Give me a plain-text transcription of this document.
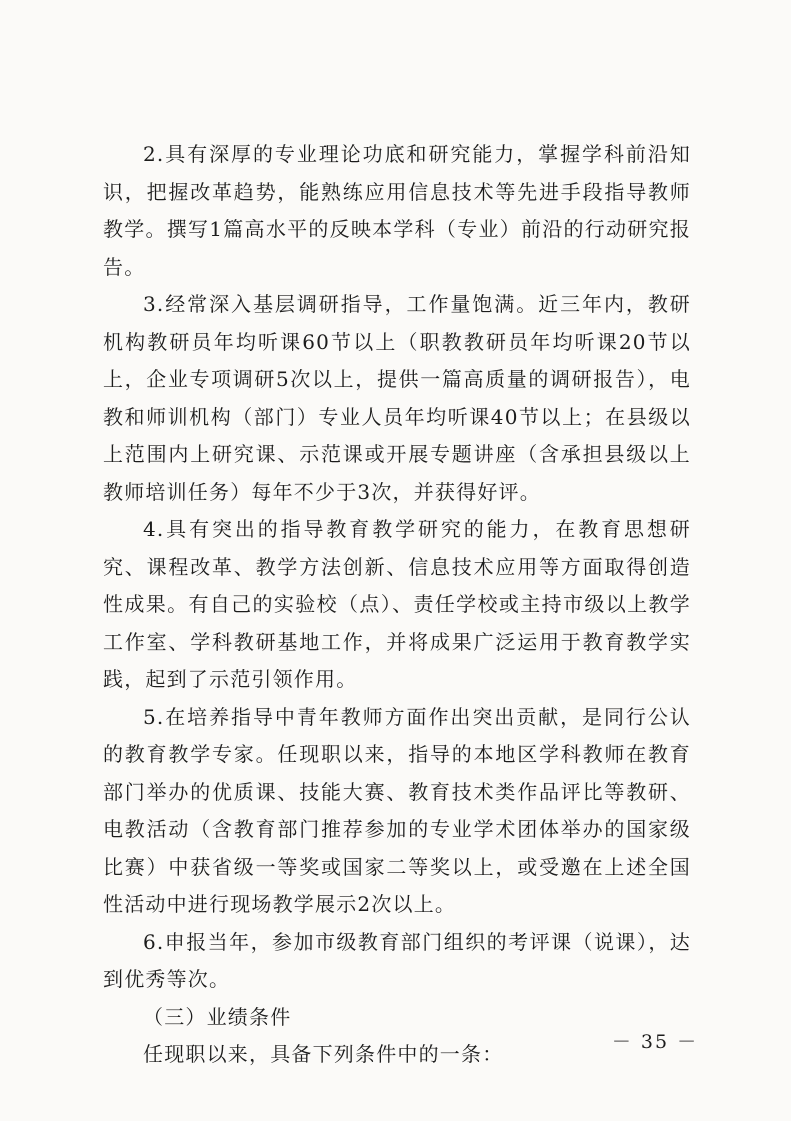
2.具有深厚的专业理论功底和研究能力，掌握学科前沿知识，把握改革趋势，能熟练应用信息技术等先进手段指导教师教学。撰写1篇高水平的反映本学科（专业）前沿的行动研究报告。

3.经常深入基层调研指导，工作量饱满。近三年内，教研机构教研员年均听课60节以上（职教教研员年均听课20节以上，企业专项调研5次以上，提供一篇高质量的调研报告），电教和师训机构（部门）专业人员年均听课40节以上；在县级以上范围内上研究课、示范课或开展专题讲座（含承担县级以上教师培训任务）每年不少于3次，并获得好评。

4.具有突出的指导教育教学研究的能力，在教育思想研究、课程改革、教学方法创新、信息技术应用等方面取得创造性成果。有自己的实验校（点）、责任学校或主持市级以上教学工作室、学科教研基地工作，并将成果广泛运用于教育教学实践，起到了示范引领作用。

5.在培养指导中青年教师方面作出突出贡献，是同行公认的教育教学专家。任现职以来，指导的本地区学科教师在教育部门举办的优质课、技能大赛、教育技术类作品评比等教研、电教活动（含教育部门推荐参加的专业学术团体举办的国家级比赛）中获省级一等奖或国家二等奖以上，或受邀在上述全国性活动中进行现场教学展示2次以上。

6.申报当年，参加市级教育部门组织的考评课（说课），达到优秀等次。

（三）业绩条件

任现职以来，具备下列条件中的一条：	－ 35 －
